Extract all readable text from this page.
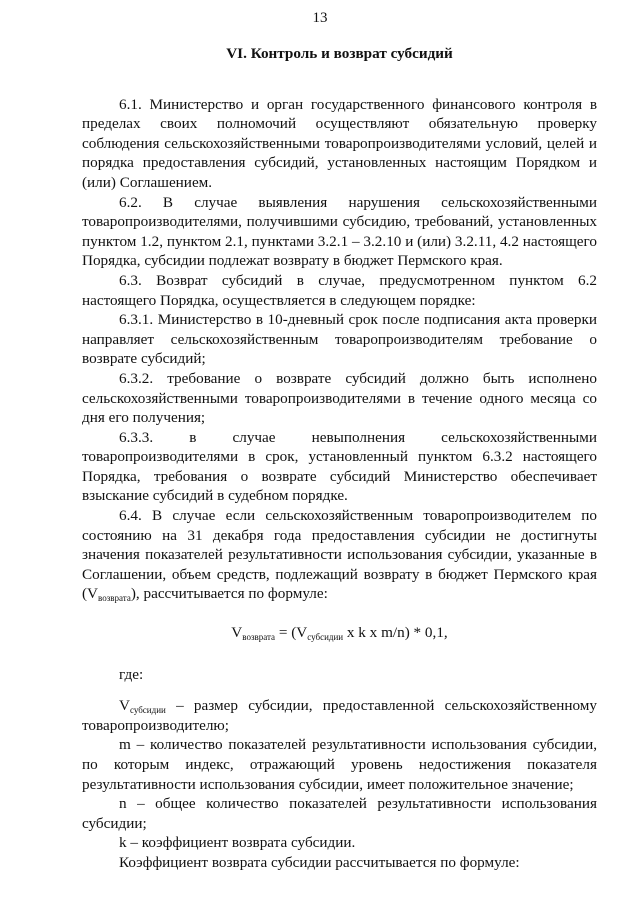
13

VI. Контроль и возврат субсидий

6.1. Министерство и орган государственного финансового контроля в пределах своих полномочий осуществляют обязательную проверку соблюдения сельскохозяйственными товаропроизводителями условий, целей и порядка предоставления субсидий, установленных настоящим Порядком и (или) Соглашением.

6.2. В случае выявления нарушения сельскохозяйственными товаропроизводителями, получившими субсидию, требований, установленных пунктом 1.2, пунктом 2.1, пунктами 3.2.1 – 3.2.10 и (или) 3.2.11, 4.2 настоящего Порядка, субсидии подлежат возврату в бюджет Пермского края.

6.3. Возврат субсидий в случае, предусмотренном пунктом 6.2 настоящего Порядка, осуществляется в следующем порядке:

6.3.1. Министерство в 10-дневный срок после подписания акта проверки направляет сельскохозяйственным товаропроизводителям требование о возврате субсидий;

6.3.2. требование о возврате субсидий должно быть исполнено сельскохозяйственными товаропроизводителями в течение одного месяца со дня его получения;

6.3.3. в случае невыполнения сельскохозяйственными товаропроизводителями в срок, установленный пунктом 6.3.2 настоящего Порядка, требования о возврате субсидий Министерство обеспечивает взыскание субсидий в судебном порядке.

6.4. В случае если сельскохозяйственным товаропроизводителем по состоянию на 31 декабря года предоставления субсидии не достигнуты значения показателей результативности использования субсидии, указанные в Соглашении, объем средств, подлежащий возврату в бюджет Пермского края $(V_{возврата})$, рассчитывается по формуле:

$V_{возврата} = (V_{субсидии}$ x k x m/n) * 0,1,

где:

$V_{субсидии}$ – размер субсидии, предоставленной сельскохозяйственному товаропроизводителю;

m – количество показателей результативности использования субсидии, по которым индекс, отражающий уровень недостижения показателя результативности использования субсидии, имеет положительное значение;

n – общее количество показателей результативности использования субсидии;

k – коэффициент возврата субсидии.

Коэффициент возврата субсидии рассчитывается по формуле:
